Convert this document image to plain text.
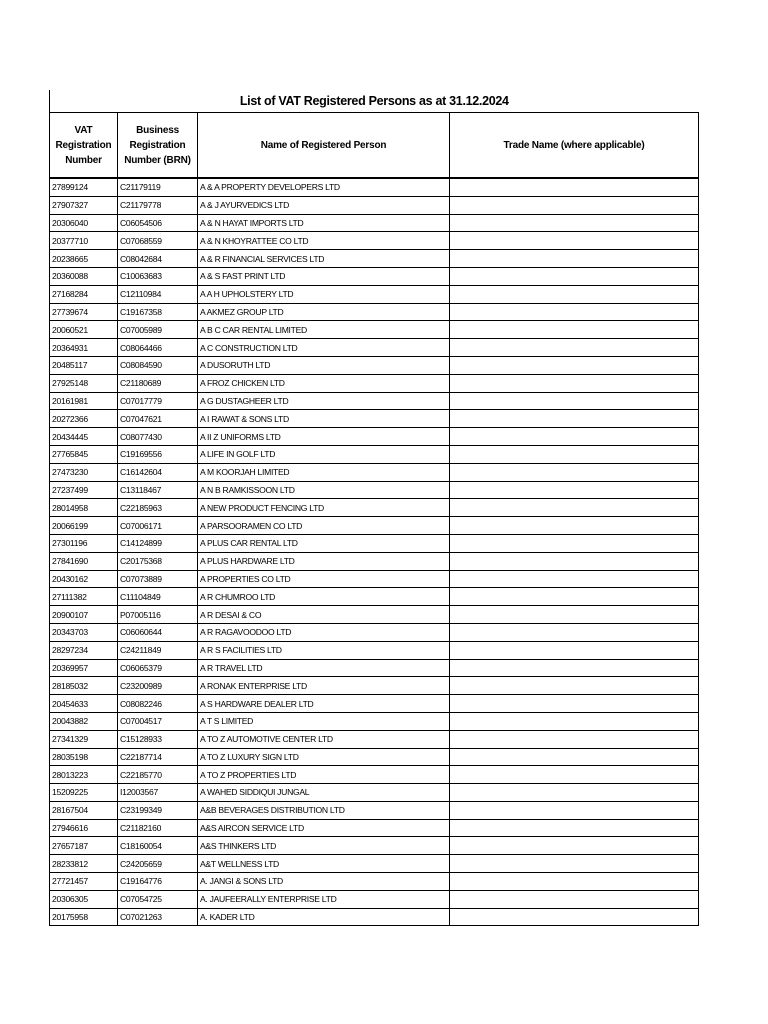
List of VAT Registered Persons as at 31.12.2024			
VAT Registration Number	Business Registration Number (BRN)	Name of Registered Person	Trade Name (where applicable)
27899124	C21179119	A & A PROPERTY DEVELOPERS LTD	
27907327	C21179778	A & J AYURVEDICS LTD	
20306040	C06054506	A & N HAYAT IMPORTS LTD	
20377710	C07068559	A & N KHOYRATTEE CO LTD	
20238665	C08042684	A & R FINANCIAL SERVICES LTD	
20360088	C10063683	A & S FAST PRINT LTD	
27168284	C12110984	A A H UPHOLSTERY LTD	
27739674	C19167358	A AKMEZ GROUP LTD	
20060521	C07005989	A B C CAR RENTAL LIMITED	
20364931	C08064466	A C CONSTRUCTION LTD	
20485117	C08084590	A DUSORUTH LTD	
27925148	C21180689	A FROZ CHICKEN LTD	
20161981	C07017779	A G DUSTAGHEER LTD	
20272366	C07047621	A I RAWAT & SONS LTD	
20434445	C08077430	A II Z UNIFORMS LTD	
27765845	C19169556	A LIFE IN GOLF LTD	
27473230	C16142604	A M KOORJAH LIMITED	
27237499	C13118467	A N B RAMKISSOON LTD	
28014958	C22185963	A NEW PRODUCT FENCING LTD	
20066199	C07006171	A PARSOORAMEN CO LTD	
27301196	C14124899	A PLUS CAR RENTAL LTD	
27841690	C20175368	A PLUS HARDWARE LTD	
20430162	C07073889	A PROPERTIES CO LTD	
27111382	C11104849	A R CHUMROO LTD	
20900107	P07005116	A R DESAI & CO	
20343703	C06060644	A R RAGAVOODOO LTD	
28297234	C24211849	A R S FACILITIES LTD	
20369957	C06065379	A R TRAVEL LTD	
28185032	C23200989	A RONAK ENTERPRISE LTD	
20454633	C08082246	A S HARDWARE DEALER LTD	
20043882	C07004517	A T S LIMITED	
27341329	C15128933	A TO Z AUTOMOTIVE CENTER LTD	
28035198	C22187714	A TO Z LUXURY SIGN LTD	
28013223	C22185770	A TO Z PROPERTIES LTD	
15209225	I12003567	A WAHED SIDDIQUI JUNGAL	
28167504	C23199349	A&B BEVERAGES DISTRIBUTION LTD	
27946616	C21182160	A&S AIRCON SERVICE LTD	
27657187	C18160054	A&S THINKERS LTD	
28233812	C24205659	A&T WELLNESS LTD	
27721457	C19164776	A. JANGI & SONS LTD	
20306305	C07054725	A. JAUFEERALLY ENTERPRISE LTD	
20175958	C07021263	A. KADER LTD	
